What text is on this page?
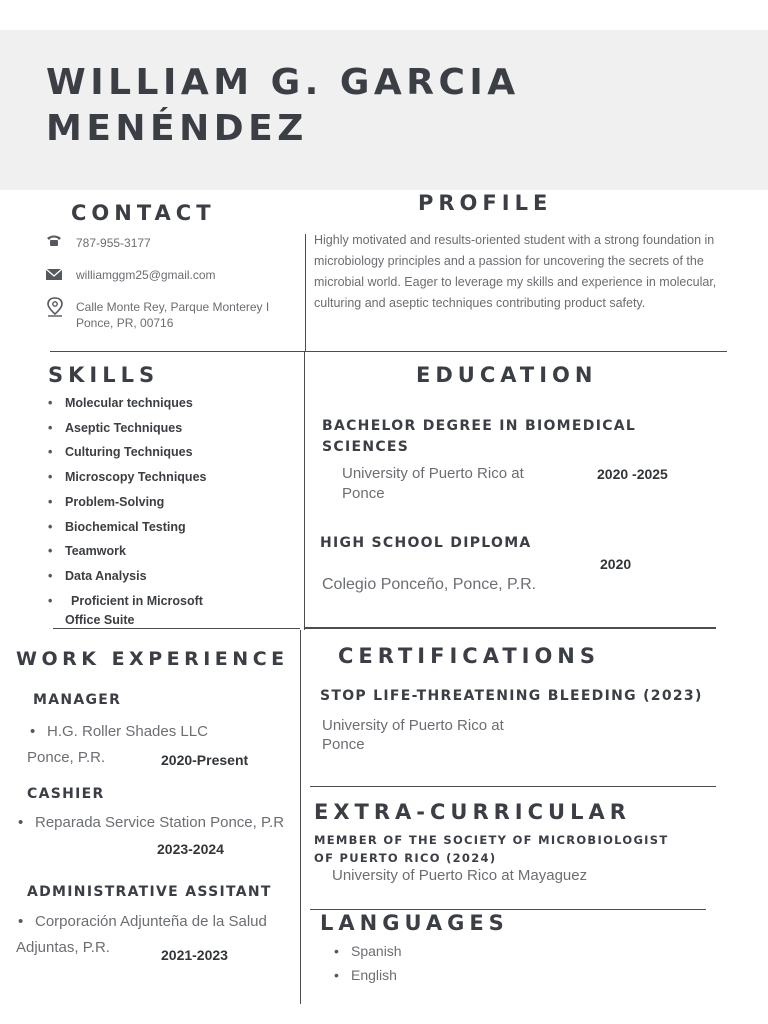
WILLIAM G. GARCIA
MENÉNDEZ
CONTACT
787-955-3177
williamggm25@gmail.com
Calle Monte Rey, Parque Monterey I
Ponce, PR, 00716
PROFILE
Highly motivated and results-oriented student with a strong foundation in microbiology principles and a passion for uncovering the secrets of the microbial world. Eager to leverage my skills and experience in molecular, culturing and aseptic techniques contributing product safety.
SKILLS
• Molecular techniques
• Aseptic Techniques
• Culturing Techniques
• Microscopy Techniques
• Problem-Solving
• Biochemical Testing
• Teamwork
• Data Analysis
• Proficient in Microsoft
Office Suite
EDUCATION
BACHELOR DEGREE IN BIOMEDICAL
SCIENCES
University of Puerto Rico at
Ponce
2020 -2025
HIGH SCHOOL DIPLOMA
2020
Colegio Ponceño, Ponce, P.R.
WORK EXPERIENCE
MANAGER
• H.G. Roller Shades LLC
Ponce, P.R.	2020-Present
CASHIER
• Reparada Service Station Ponce, P.R
2023-2024
ADMINISTRATIVE ASSITANT
• Corporación Adjunteña de la Salud
Adjuntas, P.R.	2021-2023
CERTIFICATIONS
STOP LIFE-THREATENING BLEEDING (2023)
University of Puerto Rico at
Ponce
EXTRA-CURRICULAR
MEMBER OF THE SOCIETY OF MICROBIOLOGIST
OF PUERTO RICO (2024)
University of Puerto Rico at Mayaguez
LANGUAGES
• Spanish
• English
